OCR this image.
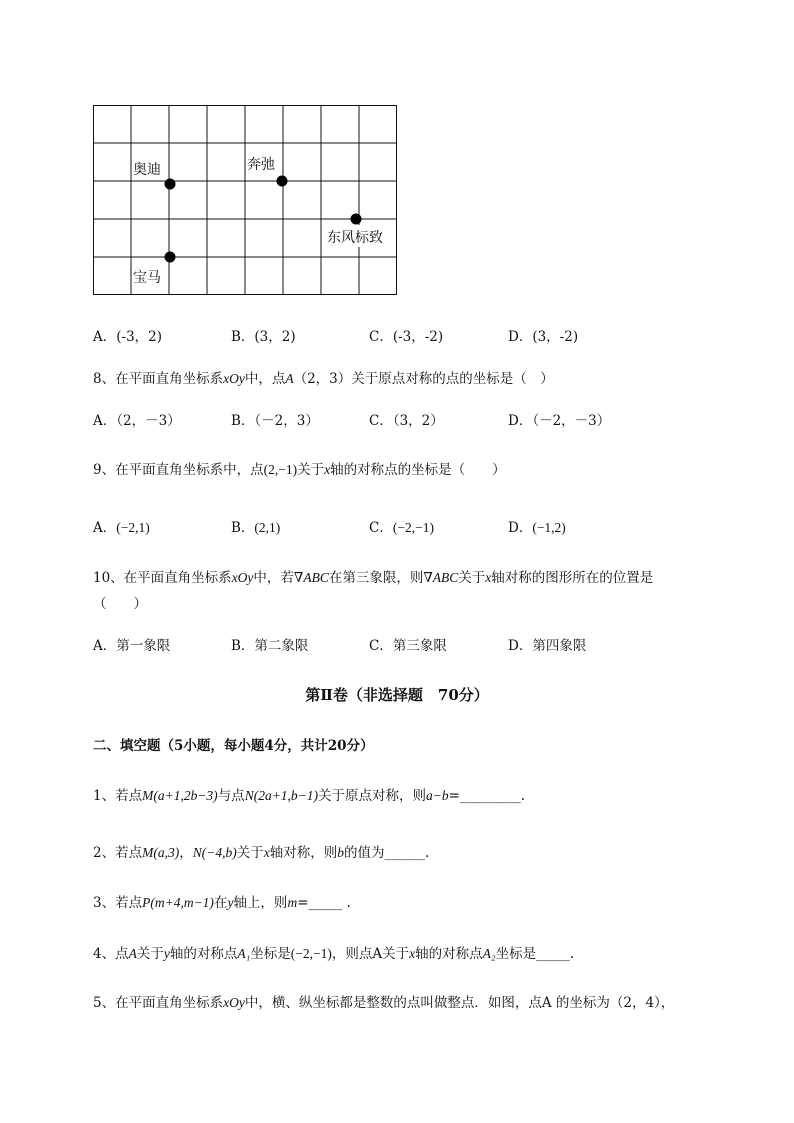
奥迪	奔弛
东风标致
宝马
A．(-3，2)	B．(3，2)	C．(-3，-2)	D．(3，-2)
8、在平面直角坐标系xOy中，点A（2，3）关于原点对称的点的坐标是（　）
A．（2，－3）	B．（－2，3）	C．（3，2）	D．（－2，－3）
9、在平面直角坐标系中，点(2,−1)关于x轴的对称点的坐标是（　　）
A．(−2,1)	B．(2,1)	C．(−2,−1)	D．(−1,2)
10、在平面直角坐标系xOy中，若∇ABC在第三象限，则∇ABC关于x轴对称的图形所在的位置是
（　　）
A．第一象限	B．第二象限	C．第三象限	D．第四象限
第Ⅱ卷（非选择题　70分）
二、填空题（5小题，每小题4分，共计20分）
1、若点M(a+1,2b−3)与点N(2a+1,b−1)关于原点对称，则a−b=_________.
2、若点M(a,3)，N(−4,b)关于x轴对称，则b的值为______.
3、若点P(m+4,m−1)在y轴上，则m=_____ .
4、点A关于y轴的对称点A₁坐标是(−2,−1)，则点A关于x轴的对称点A₂坐标是_____.
5、在平面直角坐标系xOy中，横、纵坐标都是整数的点叫做整点．如图，点A 的坐标为（2，4），
